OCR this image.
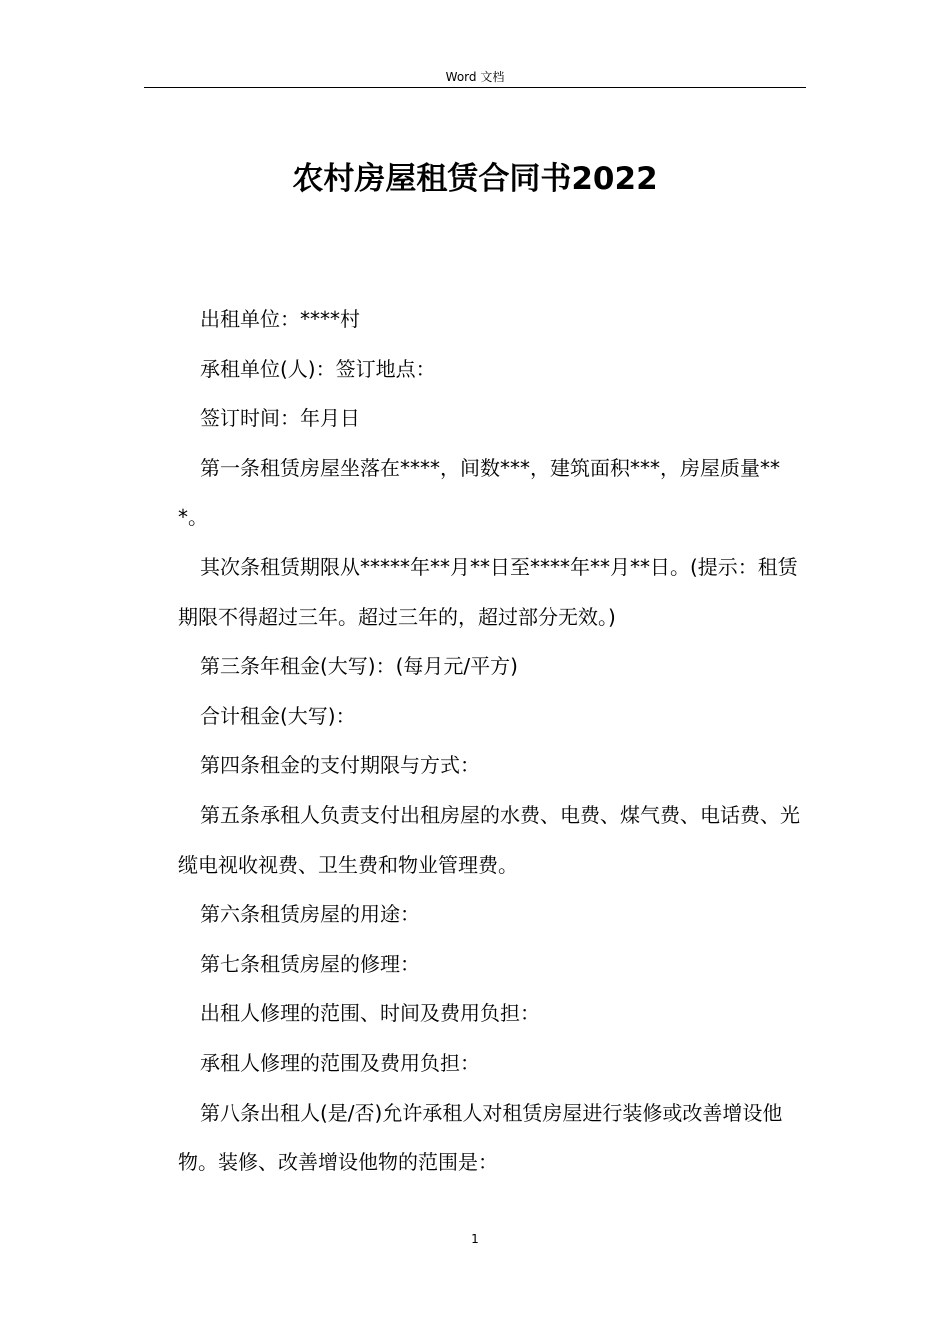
Word 文档
农村房屋租赁合同书2022

出租单位：****村

承租单位(人)：签订地点：

签订时间：年月日

第一条租赁房屋坐落在****，间数***，建筑面积***，房屋质量***。

其次条租赁期限从*****年**月**日至****年**月**日。(提示：租赁期限不得超过三年。超过三年的，超过部分无效。)

第三条年租金(大写)：(每月元/平方)

合计租金(大写)：

第四条租金的支付期限与方式：

第五条承租人负责支付出租房屋的水费、电费、煤气费、电话费、光缆电视收视费、卫生费和物业管理费。

第六条租赁房屋的用途：

第七条租赁房屋的修理：

出租人修理的范围、时间及费用负担：

承租人修理的范围及费用负担：

第八条出租人(是/否)允许承租人对租赁房屋进行装修或改善增设他物。装修、改善增设他物的范围是：

1
